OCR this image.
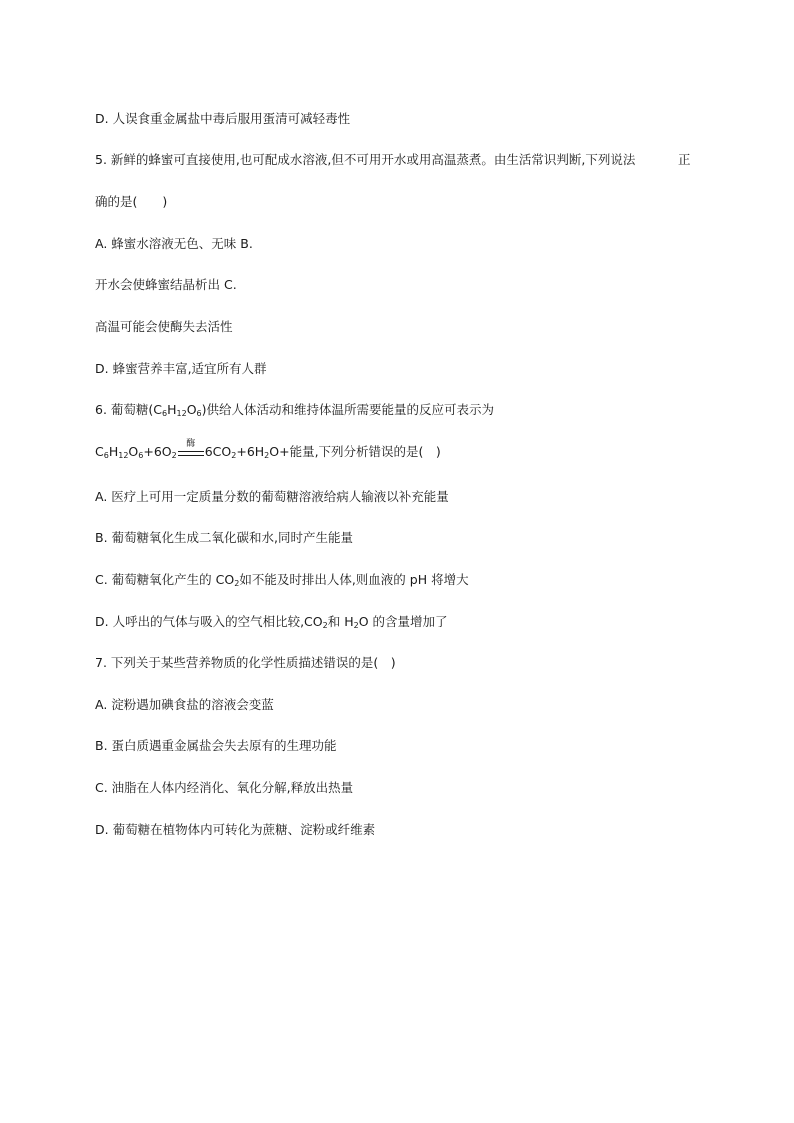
D. 人误食重金属盐中毒后服用蛋清可减轻毒性
5. 新鲜的蜂蜜可直接使用,也可配成水溶液,但不可用开水或用高温蒸煮。由生活常识判断,下列说法	正
确的是(　　)
A. 蜂蜜水溶液无色、无味 B.
开水会使蜂蜜结晶析出 C.
高温可能会使酶失去活性
D. 蜂蜜营养丰富,适宜所有人群
6. 葡萄糖$(C_6H_{12}O_6)$供给人体活动和维持体温所需要能量的反应可表示为
$C_6H_{12}O_6+6O_2$
酶 $6CO_2+6H_2O+$能量,下列分析错误的是(　)
A. 医疗上可用一定质量分数的葡萄糖溶液给病人输液以补充能量
B. 葡萄糖氧化生成二氧化碳和水,同时产生能量
C. 葡萄糖氧化产生的 $CO_2$如不能及时排出人体,则血液的 pH 将增大
D. 人呼出的气体与吸入的空气相比较$,CO_2$和 $H_2O$ 的含量增加了
7. 下列关于某些营养物质的化学性质描述错误的是(　)
A. 淀粉遇加碘食盐的溶液会变蓝
B. 蛋白质遇重金属盐会失去原有的生理功能
C. 油脂在人体内经消化、氧化分解,释放出热量
D. 葡萄糖在植物体内可转化为蔗糖、淀粉或纤维素
